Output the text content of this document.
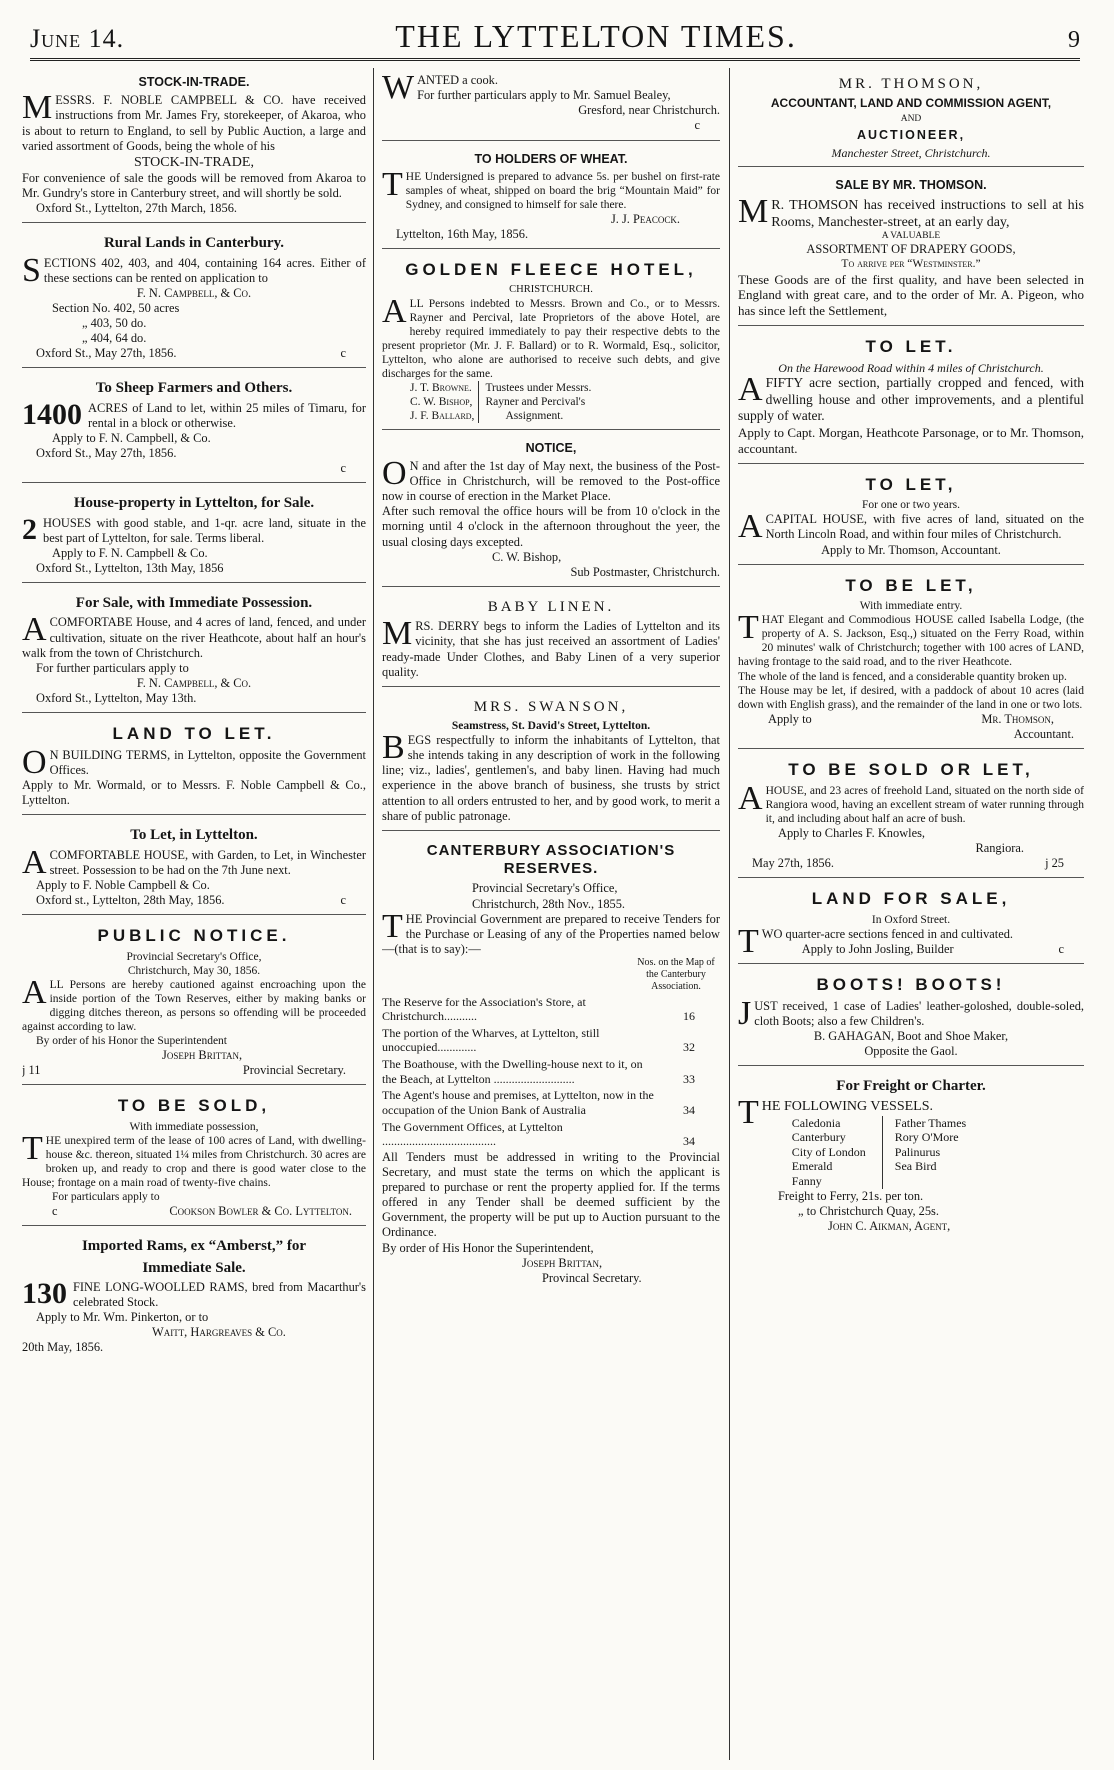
June 14.	THE LYTTELTON TIMES.	9
STOCK-IN-TRADE.

MESSRS. F. NOBLE CAMPBELL & CO. have received instructions from Mr. James Fry, storekeeper, of Akaroa, who is about to return to England, to sell by Public Auction, a large and varied assortment of Goods, being the whole of his

STOCK-IN-TRADE,

For convenience of sale the goods will be removed from Akaroa to Mr. Gundry's store in Canterbury street, and will shortly be sold.

Oxford St., Lyttelton, 27th March, 1856.
Rural Lands in Canterbury.

SECTIONS 402, 403, and 404, containing 164 acres. Either of these sections can be rented on application to

F. N. Campbell, & Co.
Section No. 402, 50 acres
„ 403, 50 do.
„ 404, 64 do.
Oxford St., May 27th, 1856.	c
To Sheep Farmers and Others.

1400 ACRES of Land to let, within 25 miles of Timaru, for rental in a block or otherwise.

Apply to F. N. Campbell, & Co.
Oxford St., May 27th, 1856.
c
House-property in Lyttelton, for Sale.

2 HOUSES with good stable, and 1-qr. acre land, situate in the best part of Lyttelton, for sale. Terms liberal.

Apply to F. N. Campbell & Co.
Oxford St., Lyttelton, 13th May, 1856
For Sale, with Immediate Possession.

ACOMFORTABE House, and 4 acres of land, fenced, and under cultivation, situate on the river Heathcote, about half an hour's walk from the town of Christchurch.

For further particulars apply to
F. N. Campbell, & Co.
Oxford St., Lyttelton, May 13th.
LAND TO LET.

O N BUILDING TERMS, in Lyttelton, opposite the Government Offices.

Apply to Mr. Wormald, or to Messrs. F. Noble Campbell & Co., Lyttelton.

To Let, in Lyttelton.

ACOMFORTABLE HOUSE, with Garden, to Let, in Winchester street. Possession to be had on the 7th June next.

Apply to F. Noble Campbell & Co.
Oxford st., Lyttelton, 28th May, 1856.	c
PUBLIC NOTICE.
Provincial Secretary's Office,
Christchurch, May 30, 1856.

ALL Persons are hereby cautioned against encroaching upon the inside portion of the Town Reserves, either by making banks or digging ditches thereon, as persons so offending will be proceeded against according to law.

By order of his Honor the Superintendent
Joseph Brittan,
j 11	Provincial Secretary.
TO BE SOLD,
With immediate possession,

THE unexpired term of the lease of 100 acres of Land, with dwelling-house &c. thereon, situated 1¼ miles from Christchurch. 30 acres are broken up, and ready to crop and there is good water close to the House; frontage on a main road of twenty-five chains.

For particulars apply to
c	Cookson Bowler & Co. Lyttelton.
Imported Rams, ex “Amberst,” for
Immediate Sale.

130 FINE LONG-WOOLLED RAMS, bred from Macarthur's celebrated Stock.

Apply to Mr. Wm. Pinkerton, or to
Waitt, Hargreaves & Co.
20th May, 1856.

WANTED a cook.

For further particulars apply to Mr. Samuel Bealey,

Gresford, near Christchurch.
c
TO HOLDERS OF WHEAT.

THE Undersigned is prepared to advance 5s. per bushel on first-rate samples of wheat, shipped on board the brig “Mountain Maid” for Sydney, and consigned to himself for sale there.

J. J. Peacock.
Lyttelton, 16th May, 1856.
GOLDEN FLEECE HOTEL,
CHRISTCHURCH.

ALL Persons indebted to Messrs. Brown and Co., or to Messrs. Rayner and Percival, late Proprietors of the above Hotel, are hereby required immediately to pay their respective debts to the present proprietor (Mr. J. F. Ballard) or to R. Wormald, Esq., solicitor, Lyttelton, who alone are authorised to receive such debts, and give discharges for the same.

J. T. Browne.
C. W. Bishop,
J. F. Ballard,
Trustees under Messrs.
Rayner and Percival's
Assignment.
NOTICE,

O N and after the 1st day of May next, the business of the Post-Office in Christchurch, will be removed to the Post-office now in course of erection in the Market Place.

After such removal the office hours will be from 10 o'clock in the morning until 4 o'clock in the afternoon throughout the yeer, the usual closing days excepted.

C. W. Bishop,
Sub Postmaster, Christchurch.
BABY LINEN.

MRS. DERRY begs to inform the Ladies of Lyttelton and its vicinity, that she has just received an assortment of Ladies' ready-made Under Clothes, and Baby Linen of a very superior quality.

MRS. SWANSON,
Seamstress, St. David's Street, Lyttelton.

BEGS respectfully to inform the inhabitants of Lyttelton, that she intends taking in any description of work in the following line; viz., ladies', gentlemen's, and baby linen. Having had much experience in the above branch of business, she trusts by strict attention to all orders entrusted to her, and by good work, to merit a share of public patronage.

CANTERBURY ASSOCIATION'S RESERVES.
Provincial Secretary's Office,
Christchurch, 28th Nov., 1855.

THE Provincial Government are prepared to receive Tenders for the Purchase or Leasing of any of the Properties named below—(that is to say):—

Nos. on the Map of the Canterbury Association.
The Reserve for the Association's Store, at Christchurch...........	16
The portion of the Wharves, at Lyttelton, still unoccupied.............	32
The Boathouse, with the Dwelling-house next to it, on the Beach, at Lyttelton ...........................	33
The Agent's house and premises, at Lyttelton, now in the occupation of the Union Bank of Australia	34
The Government Offices, at Lyttelton ......................................	34

All Tenders must be addressed in writing to the Provincial Secretary, and must state the terms on which the applicant is prepared to purchase or rent the property applied for. If the terms offered in any Tender shall be deemed sufficient by the Government, the property will be put up to Auction pursuant to the Ordinance.

By order of His Honor the Superintendent,

Joseph Brittan,
Provincal Secretary.
MR. THOMSON,
ACCOUNTANT, LAND AND COMMISSION AGENT,
AND
AUCTIONEER,
Manchester Street, Christchurch.
SALE BY MR. THOMSON.

M R. THOMSON has received instructions to sell at his Rooms, Manchester-street, at an early day,

A VALUABLE
ASSORTMENT OF DRAPERY GOODS,
To arrive per “Westminster.”

These Goods are of the first quality, and have been selected in England with great care, and to the order of Mr. A. Pigeon, who has since left the Settlement,

TO LET.
On the Harewood Road within 4 miles of Christchurch.

AFIFTY acre section, partially cropped and fenced, with dwelling house and other improvements, and a plentiful supply of water.

Apply to Capt. Morgan, Heathcote Parsonage, or to Mr. Thomson, accountant.

TO LET,
For one or two years.

ACAPITAL HOUSE, with five acres of land, situated on the North Lincoln Road, and within four miles of Christchurch.

Apply to Mr. Thomson, Accountant.
TO BE LET,
With immediate entry.

THAT Elegant and Commodious HOUSE called Isabella Lodge, (the property of A. S. Jackson, Esq.,) situated on the Ferry Road, within 20 minutes' walk of Christchurch; together with 100 acres of LAND, having frontage to the said road, and to the river Heathcote.

The whole of the land is fenced, and a considerable quantity broken up.

The House may be let, if desired, with a paddock of about 10 acres (laid down with English grass), and the remainder of the land in one or two lots.

Apply to	Mr. Thomson,
Accountant.
TO BE SOLD OR LET,

AHOUSE, and 23 acres of freehold Land, situated on the north side of Rangiora wood, having an excellent stream of water running through it, and including about half an acre of bush.

Apply to Charles F. Knowles,
Rangiora.
May 27th, 1856.	j 25
LAND FOR SALE,
In Oxford Street.

TWO quarter-acre sections fenced in and cultivated.

Apply to John Josling, Builder	c
BOOTS! BOOTS!

JUST received, 1 case of Ladies' leather-goloshed, double-soled, cloth Boots; also a few Children's.

B. GAHAGAN, Boot and Shoe Maker,
Opposite the Gaol.
For Freight or Charter.

THE FOLLOWING VESSELS.

Caledonia
Canterbury
City of London
Emerald
Fanny
Father Thames
Rory O'More
Palinurus
Sea Bird
Freight to Ferry, 21s. per ton.
„ to Christchurch Quay, 25s.
John C. Aikman, Agent,
